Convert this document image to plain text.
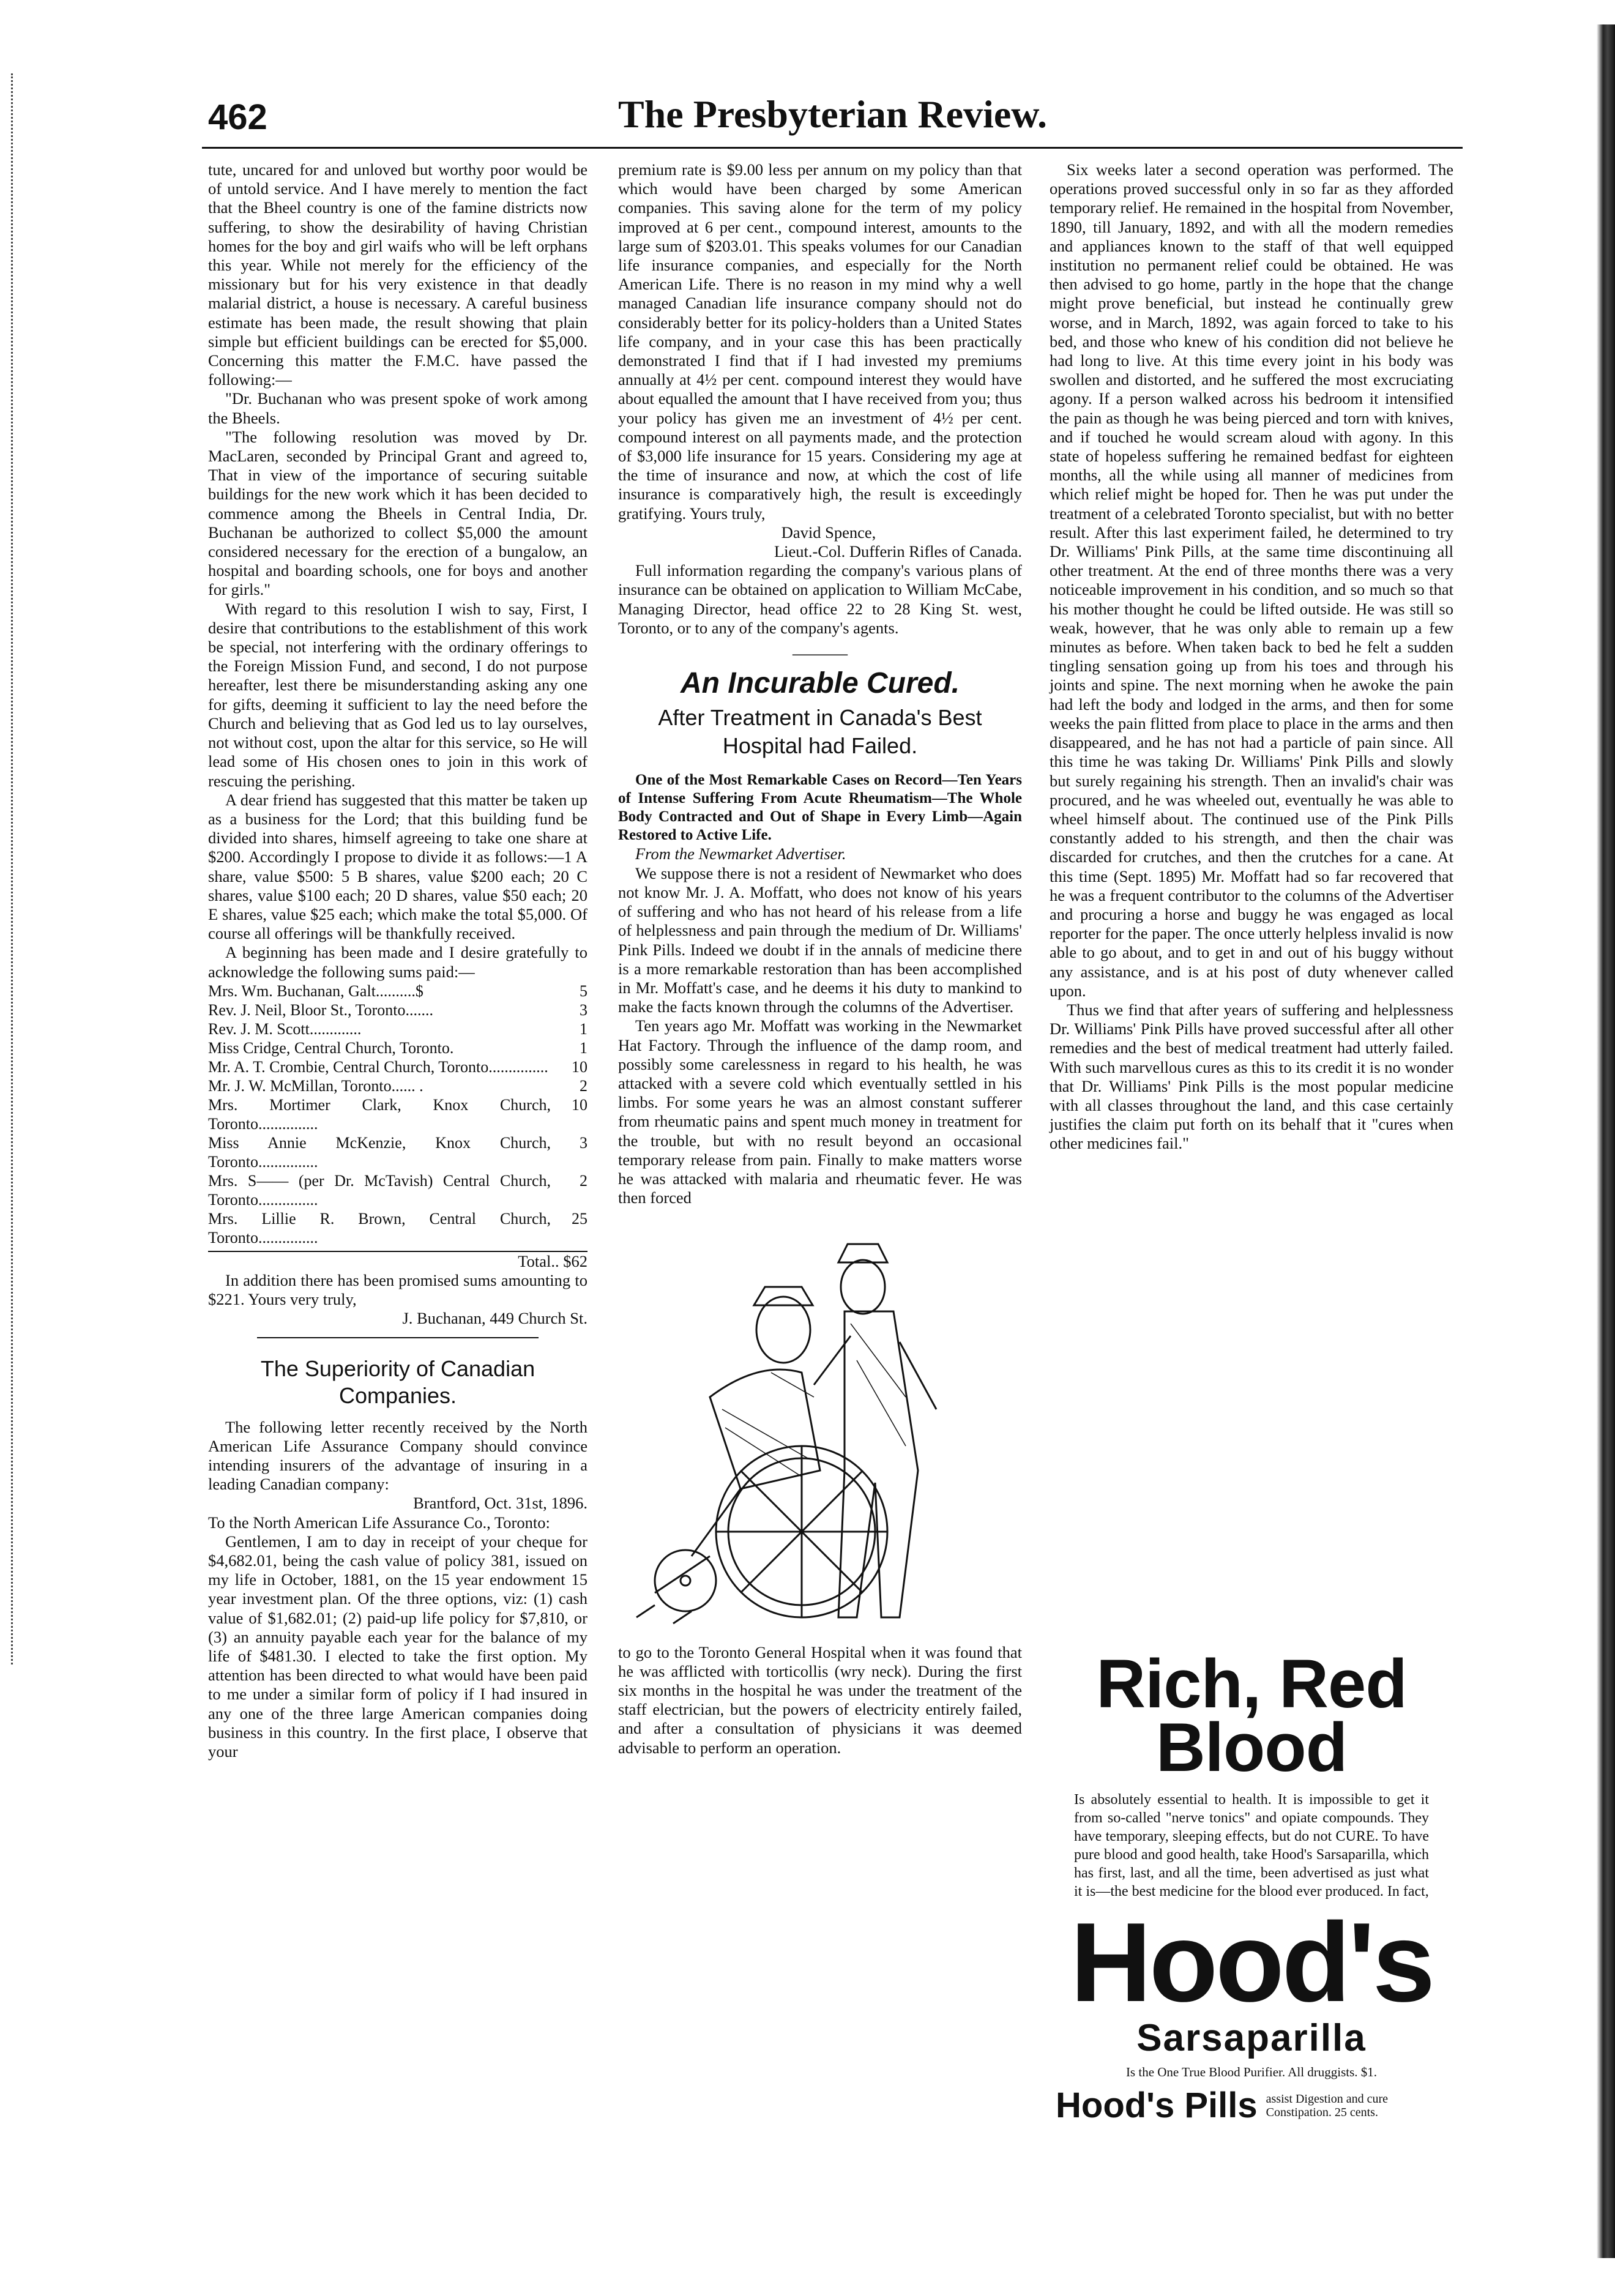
462	The Presbyterian Review.

tute, uncared for and unloved but worthy poor would be of untold service. And I have merely to mention the fact that the Bheel country is one of the famine districts now suffering, to show the desirability of having Christian homes for the boy and girl waifs who will be left orphans this year. While not merely for the efficiency of the missionary but for his very existence in that deadly malarial district, a house is necessary. A careful business estimate has been made, the result showing that plain simple but efficient buildings can be erected for $5,000. Concerning this matter the F.M.C. have passed the following:—

"Dr. Buchanan who was present spoke of work among the Bheels.

"The following resolution was moved by Dr. MacLaren, seconded by Principal Grant and agreed to, That in view of the importance of securing suitable buildings for the new work which it has been decided to commence among the Bheels in Central India, Dr. Buchanan be authorized to collect $5,000 the amount considered necessary for the erection of a bungalow, an hospital and boarding schools, one for boys and another for girls."

With regard to this resolution I wish to say, First, I desire that contributions to the establishment of this work be special, not interfering with the ordinary offerings to the Foreign Mission Fund, and second, I do not purpose hereafter, lest there be misunderstanding asking any one for gifts, deeming it sufficient to lay the need before the Church and believing that as God led us to lay ourselves, not without cost, upon the altar for this service, so He will lead some of His chosen ones to join in this work of rescuing the perishing.

A dear friend has suggested that this matter be taken up as a business for the Lord; that this building fund be divided into shares, himself agreeing to take one share at $200. Accordingly I propose to divide it as follows:—1 A share, value $500: 5 B shares, value $200 each; 20 C shares, value $100 each; 20 D shares, value $50 each; 20 E shares, value $25 each; which make the total $5,000. Of course all offerings will be thankfully received.

A beginning has been made and I desire gratefully to acknowledge the following sums paid:—

Mrs. Wm. Buchanan, Galt..........$	5
Rev. J. Neil, Bloor St., Toronto.......	3
Rev. J. M. Scott.............	1
Miss Cridge, Central Church, Toronto.	1
Mr. A. T. Crombie, Central Church, Toronto...............	10
Mr. J. W. McMillan, Toronto...... .	2
Mrs. Mortimer Clark, Knox Church, Toronto...............	10
Miss Annie McKenzie, Knox Church, Toronto...............	3
Mrs. S—— (per Dr. McTavish) Central Church, Toronto...............	2
Mrs. Lillie R. Brown, Central Church, Toronto...............	25
Total.. $62

In addition there has been promised sums amounting to $221. Yours very truly,

J. Buchanan, 449 Church St.

The Superiority of Canadian Companies.

The following letter recently received by the North American Life Assurance Company should convince intending insurers of the advantage of insuring in a leading Canadian company:

Brantford, Oct. 31st, 1896.

To the North American Life Assurance Co., Toronto:

Gentlemen, I am to day in receipt of your cheque for $4,682.01, being the cash value of policy 381, issued on my life in October, 1881, on the 15 year endowment 15 year investment plan. Of the three options, viz: (1) cash value of $1,682.01; (2) paid-up life policy for $7,810, or (3) an annuity payable each year for the balance of my life of $481.30. I elected to take the first option. My attention has been directed to what would have been paid to me under a similar form of policy if I had insured in any one of the three large American companies doing business in this country. In the first place, I observe that your

premium rate is $9.00 less per annum on my policy than that which would have been charged by some American companies. This saving alone for the term of my policy improved at 6 per cent., compound interest, amounts to the large sum of $203.01. This speaks volumes for our Canadian life insurance companies, and especially for the North American Life. There is no reason in my mind why a well managed Canadian life insurance company should not do considerably better for its policy-holders than a United States life company, and in your case this has been practically demonstrated I find that if I had invested my premiums annually at 4½ per cent. compound interest they would have about equalled the amount that I have received from you; thus your policy has given me an investment of 4½ per cent. compound interest on all payments made, and the protection of $3,000 life insurance for 15 years. Considering my age at the time of insurance and now, at which the cost of life insurance is comparatively high, the result is exceedingly gratifying. Yours truly,

David Spence,

Lieut.-Col. Dufferin Rifles of Canada.

Full information regarding the company's various plans of insurance can be obtained on application to William McCabe, Managing Director, head office 22 to 28 King St. west, Toronto, or to any of the company's agents.

———
An Incurable Cured.
After Treatment in Canada's Best Hospital had Failed.

One of the Most Remarkable Cases on Record—Ten Years of Intense Suffering From Acute Rheumatism—The Whole Body Contracted and Out of Shape in Every Limb—Again Restored to Active Life.

From the Newmarket Advertiser.

We suppose there is not a resident of Newmarket who does not know Mr. J. A. Moffatt, who does not know of his years of suffering and who has not heard of his release from a life of helplessness and pain through the medium of Dr. Williams' Pink Pills. Indeed we doubt if in the annals of medicine there is a more remarkable restoration than has been accomplished in Mr. Moffatt's case, and he deems it his duty to mankind to make the facts known through the columns of the Advertiser.

Ten years ago Mr. Moffatt was working in the Newmarket Hat Factory. Through the influence of the damp room, and possibly some carelessness in regard to his health, he was attacked with a severe cold which eventually settled in his limbs. For some years he was an almost constant sufferer from rheumatic pains and spent much money in treatment for the trouble, but with no result beyond an occasional temporary release from pain. Finally to make matters worse he was attacked with malaria and rheumatic fever. He was then forced

to go to the Toronto General Hospital when it was found that he was afflicted with torticollis (wry neck). During the first six months in the hospital he was under the treatment of the staff electrician, but the powers of electricity entirely failed, and after a consultation of physicians it was deemed advisable to perform an operation.

Six weeks later a second operation was performed. The operations proved successful only in so far as they afforded temporary relief. He remained in the hospital from November, 1890, till January, 1892, and with all the modern remedies and appliances known to the staff of that well equipped institution no permanent relief could be obtained. He was then advised to go home, partly in the hope that the change might prove beneficial, but instead he continually grew worse, and in March, 1892, was again forced to take to his bed, and those who knew of his condition did not believe he had long to live. At this time every joint in his body was swollen and distorted, and he suffered the most excruciating agony. If a person walked across his bedroom it intensified the pain as though he was being pierced and torn with knives, and if touched he would scream aloud with agony. In this state of hopeless suffering he remained bedfast for eighteen months, all the while using all manner of medicines from which relief might be hoped for. Then he was put under the treatment of a celebrated Toronto specialist, but with no better result. After this last experiment failed, he determined to try Dr. Williams' Pink Pills, at the same time discontinuing all other treatment. At the end of three months there was a very noticeable improvement in his condition, and so much so that his mother thought he could be lifted outside. He was still so weak, however, that he was only able to remain up a few minutes as before. When taken back to bed he felt a sudden tingling sensation going up from his toes and through his joints and spine. The next morning when he awoke the pain had left the body and lodged in the arms, and then for some weeks the pain flitted from place to place in the arms and then disappeared, and he has not had a particle of pain since. All this time he was taking Dr. Williams' Pink Pills and slowly but surely regaining his strength. Then an invalid's chair was procured, and he was wheeled out, eventually he was able to wheel himself about. The continued use of the Pink Pills constantly added to his strength, and then the chair was discarded for crutches, and then the crutches for a cane. At this time (Sept. 1895) Mr. Moffatt had so far recovered that he was a frequent contributor to the columns of the Advertiser and procuring a horse and buggy he was engaged as local reporter for the paper. The once utterly helpless invalid is now able to go about, and to get in and out of his buggy without any assistance, and is at his post of duty whenever called upon.

Thus we find that after years of suffering and helplessness Dr. Williams' Pink Pills have proved successful after all other remedies and the best of medical treatment had utterly failed. With such marvellous cures as this to its credit it is no wonder that Dr. Williams' Pink Pills is the most popular medicine with all classes throughout the land, and this case certainly justifies the claim put forth on its behalf that it "cures when other medicines fail."

Rich, Red
Blood
Is absolutely essential to health. It is impossible to get it from so-called "nerve tonics" and opiate compounds. They have temporary, sleeping effects, but do not CURE. To have pure blood and good health, take Hood's Sarsaparilla, which has first, last, and all the time, been advertised as just what it is—the best medicine for the blood ever produced. In fact,
Hood's
Sarsaparilla
Is the One True Blood Purifier. All druggists. $1.
Hood's Pills assist Digestion and cure
Constipation. 25 cents.
